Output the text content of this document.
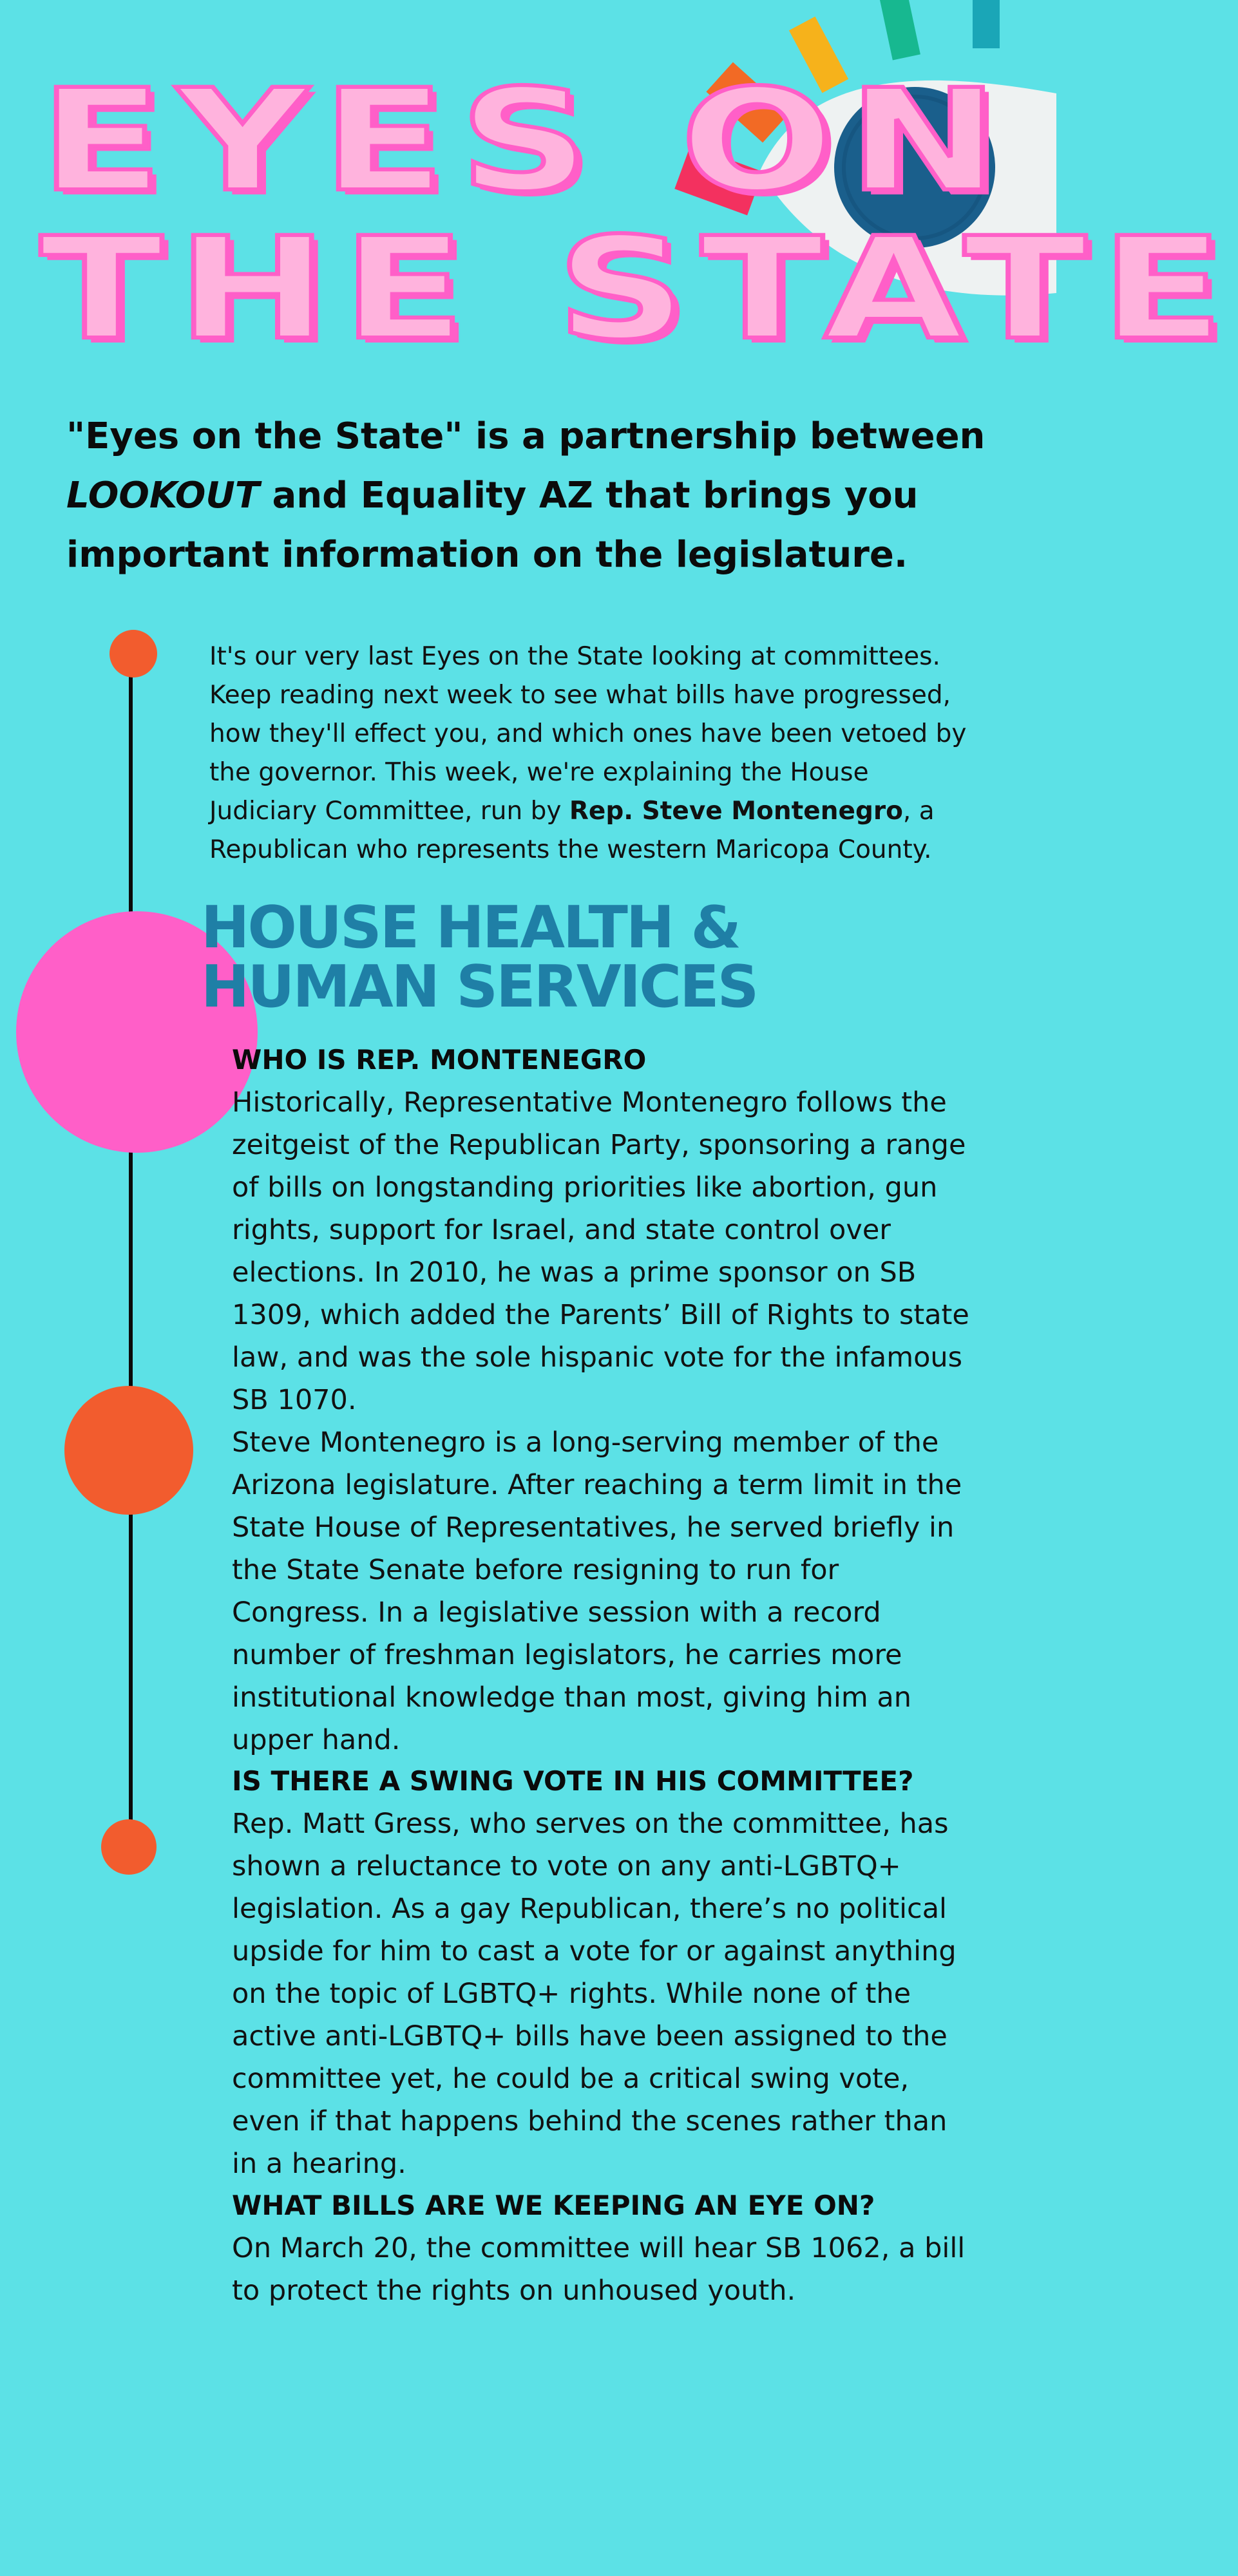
EYES ON
THE STATE

"Eyes on the State" is a partnership between LOOKOUT and Equality AZ that brings you important information on the legislature.

It's our very last Eyes on the State looking at committees. Keep reading next week to see what bills have progressed, how they'll effect you, and which ones have been vetoed by the governor. This week, we're explaining the House Judiciary Committee, run by Rep. Steve Montenegro, a Republican who represents the western Maricopa County.

HOUSE HEALTH &
HUMAN SERVICES
WHO IS REP. MONTENEGRO

Historically, Representative Montenegro follows the zeitgeist of the Republican Party, sponsoring a range of bills on longstanding priorities like abortion, gun rights, support for Israel, and state control over elections. In 2010, he was a prime sponsor on SB 1309, which added the Parents’ Bill of Rights to state law, and was the sole hispanic vote for the infamous SB 1070.

Steve Montenegro is a long-serving member of the Arizona legislature. After reaching a term limit in the State House of Representatives, he served briefly in the State Senate before resigning to run for Congress. In a legislative session with a record number of freshman legislators, he carries more institutional knowledge than most, giving him an upper hand.

IS THERE A SWING VOTE IN HIS COMMITTEE?

Rep. Matt Gress, who serves on the committee, has shown a reluctance to vote on any anti-LGBTQ+ legislation. As a gay Republican, there’s no political upside for him to cast a vote for or against anything on the topic of LGBTQ+ rights. While none of the active anti-LGBTQ+ bills have been assigned to the committee yet, he could be a critical swing vote, even if that happens behind the scenes rather than in a hearing.

WHAT BILLS ARE WE KEEPING AN EYE ON?

On March 20, the committee will hear SB 1062, a bill to protect the rights on unhoused youth.
